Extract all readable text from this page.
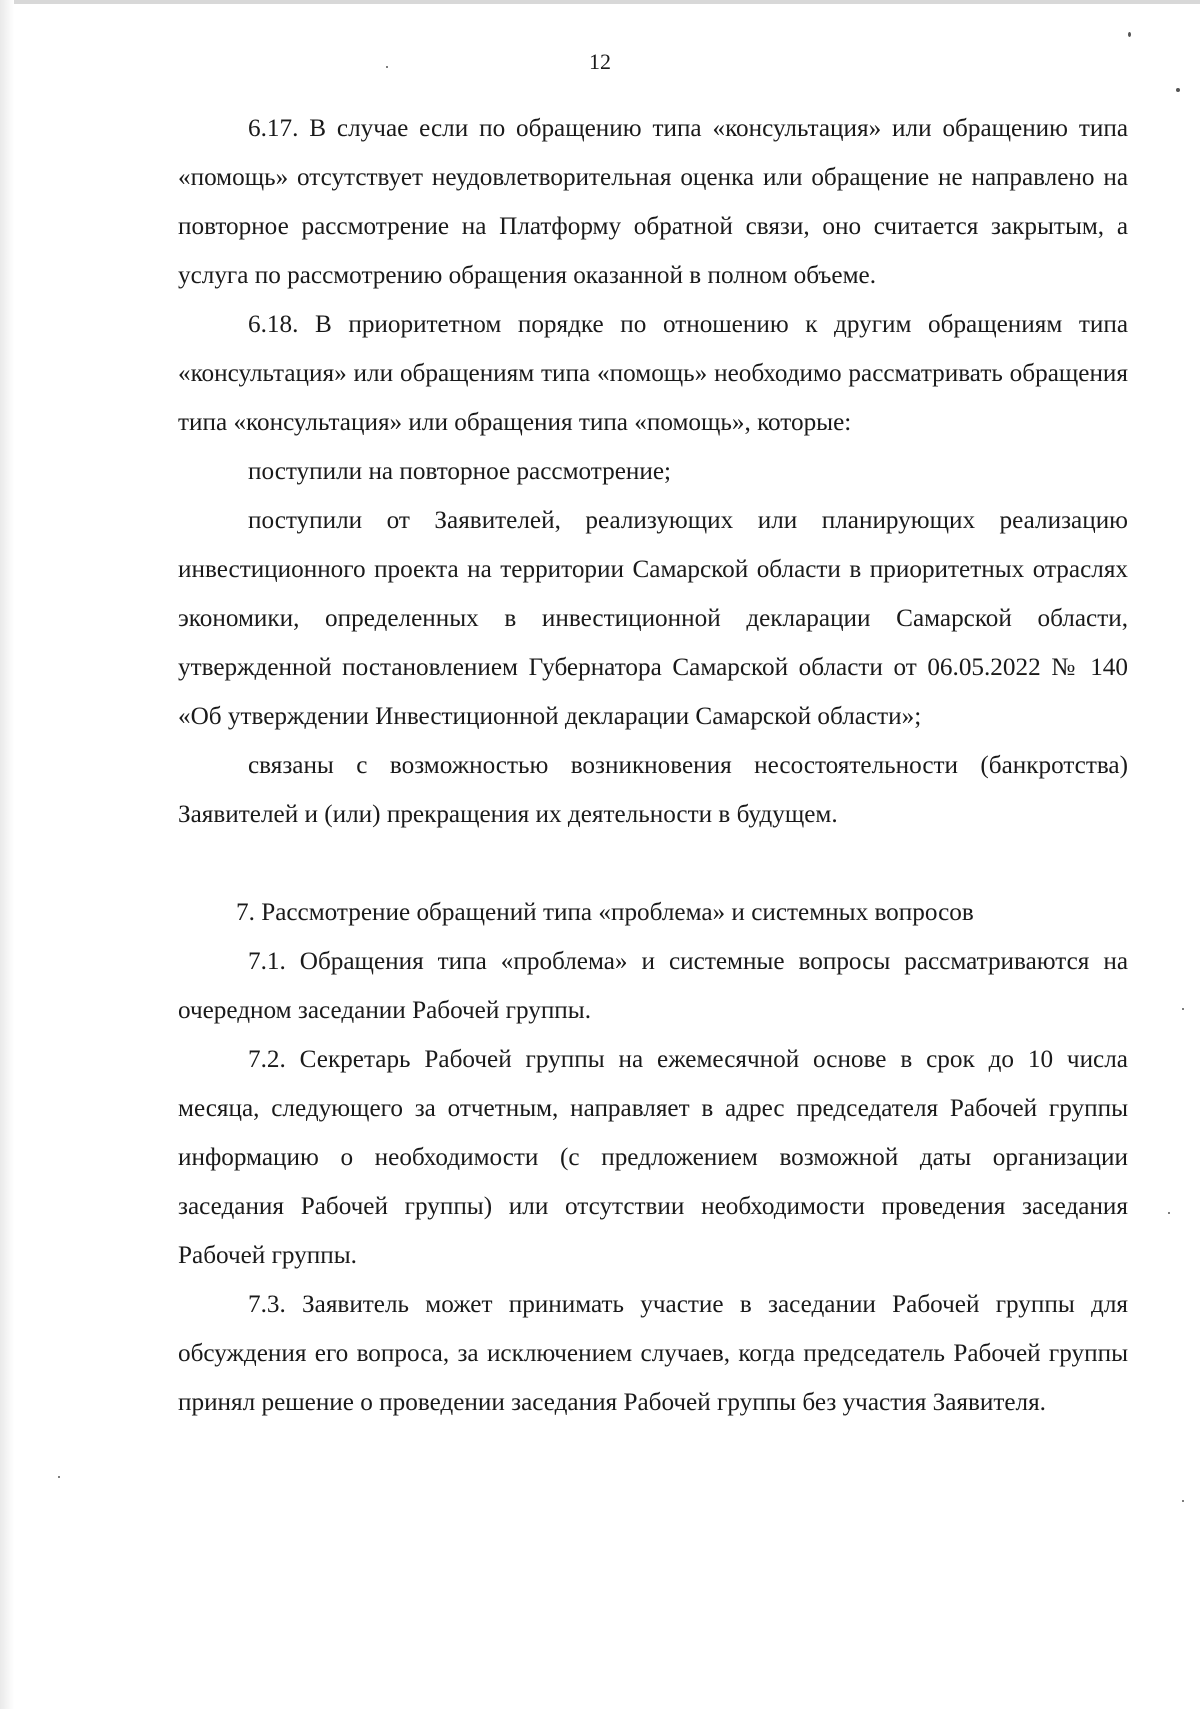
12

6.17. В случае если по обращению типа «консультация» или обращению типа «помощь» отсутствует неудовлетворительная оценка или обращение не направлено на повторное рассмотрение на Платформу обратной связи, оно считается закрытым, а услуга по рассмотрению обращения оказанной в полном объеме.

6.18. В приоритетном порядке по отношению к другим обращениям типа «консультация» или обращениям типа «помощь» необходимо рассматривать обращения типа «консультация» или обращения типа «помощь», которые:

поступили на повторное рассмотрение;

поступили от Заявителей, реализующих или планирующих реализацию инвестиционного проекта на территории Самарской области в приоритетных отраслях экономики, определенных в инвестиционной декларации Самарской области, утвержденной постановлением Губернатора Самарской области от 06.05.2022 № 140 «Об утверждении Инвестиционной декларации Самарской области»;

связаны с возможностью возникновения несостоятельности (банкротства) Заявителей и (или) прекращения их деятельности в будущем.

7. Рассмотрение обращений типа «проблема» и системных вопросов

7.1. Обращения типа «проблема» и системные вопросы рассматриваются на очередном заседании Рабочей группы.

7.2. Секретарь Рабочей группы на ежемесячной основе в срок до 10 числа месяца, следующего за отчетным, направляет в адрес председателя Рабочей группы информацию о необходимости (с предложением возможной даты организации заседания Рабочей группы) или отсутствии необходимости проведения заседания Рабочей группы.

7.3. Заявитель может принимать участие в заседании Рабочей группы для обсуждения его вопроса, за исключением случаев, когда председатель Рабочей группы принял решение о проведении заседания Рабочей группы без участия Заявителя.
